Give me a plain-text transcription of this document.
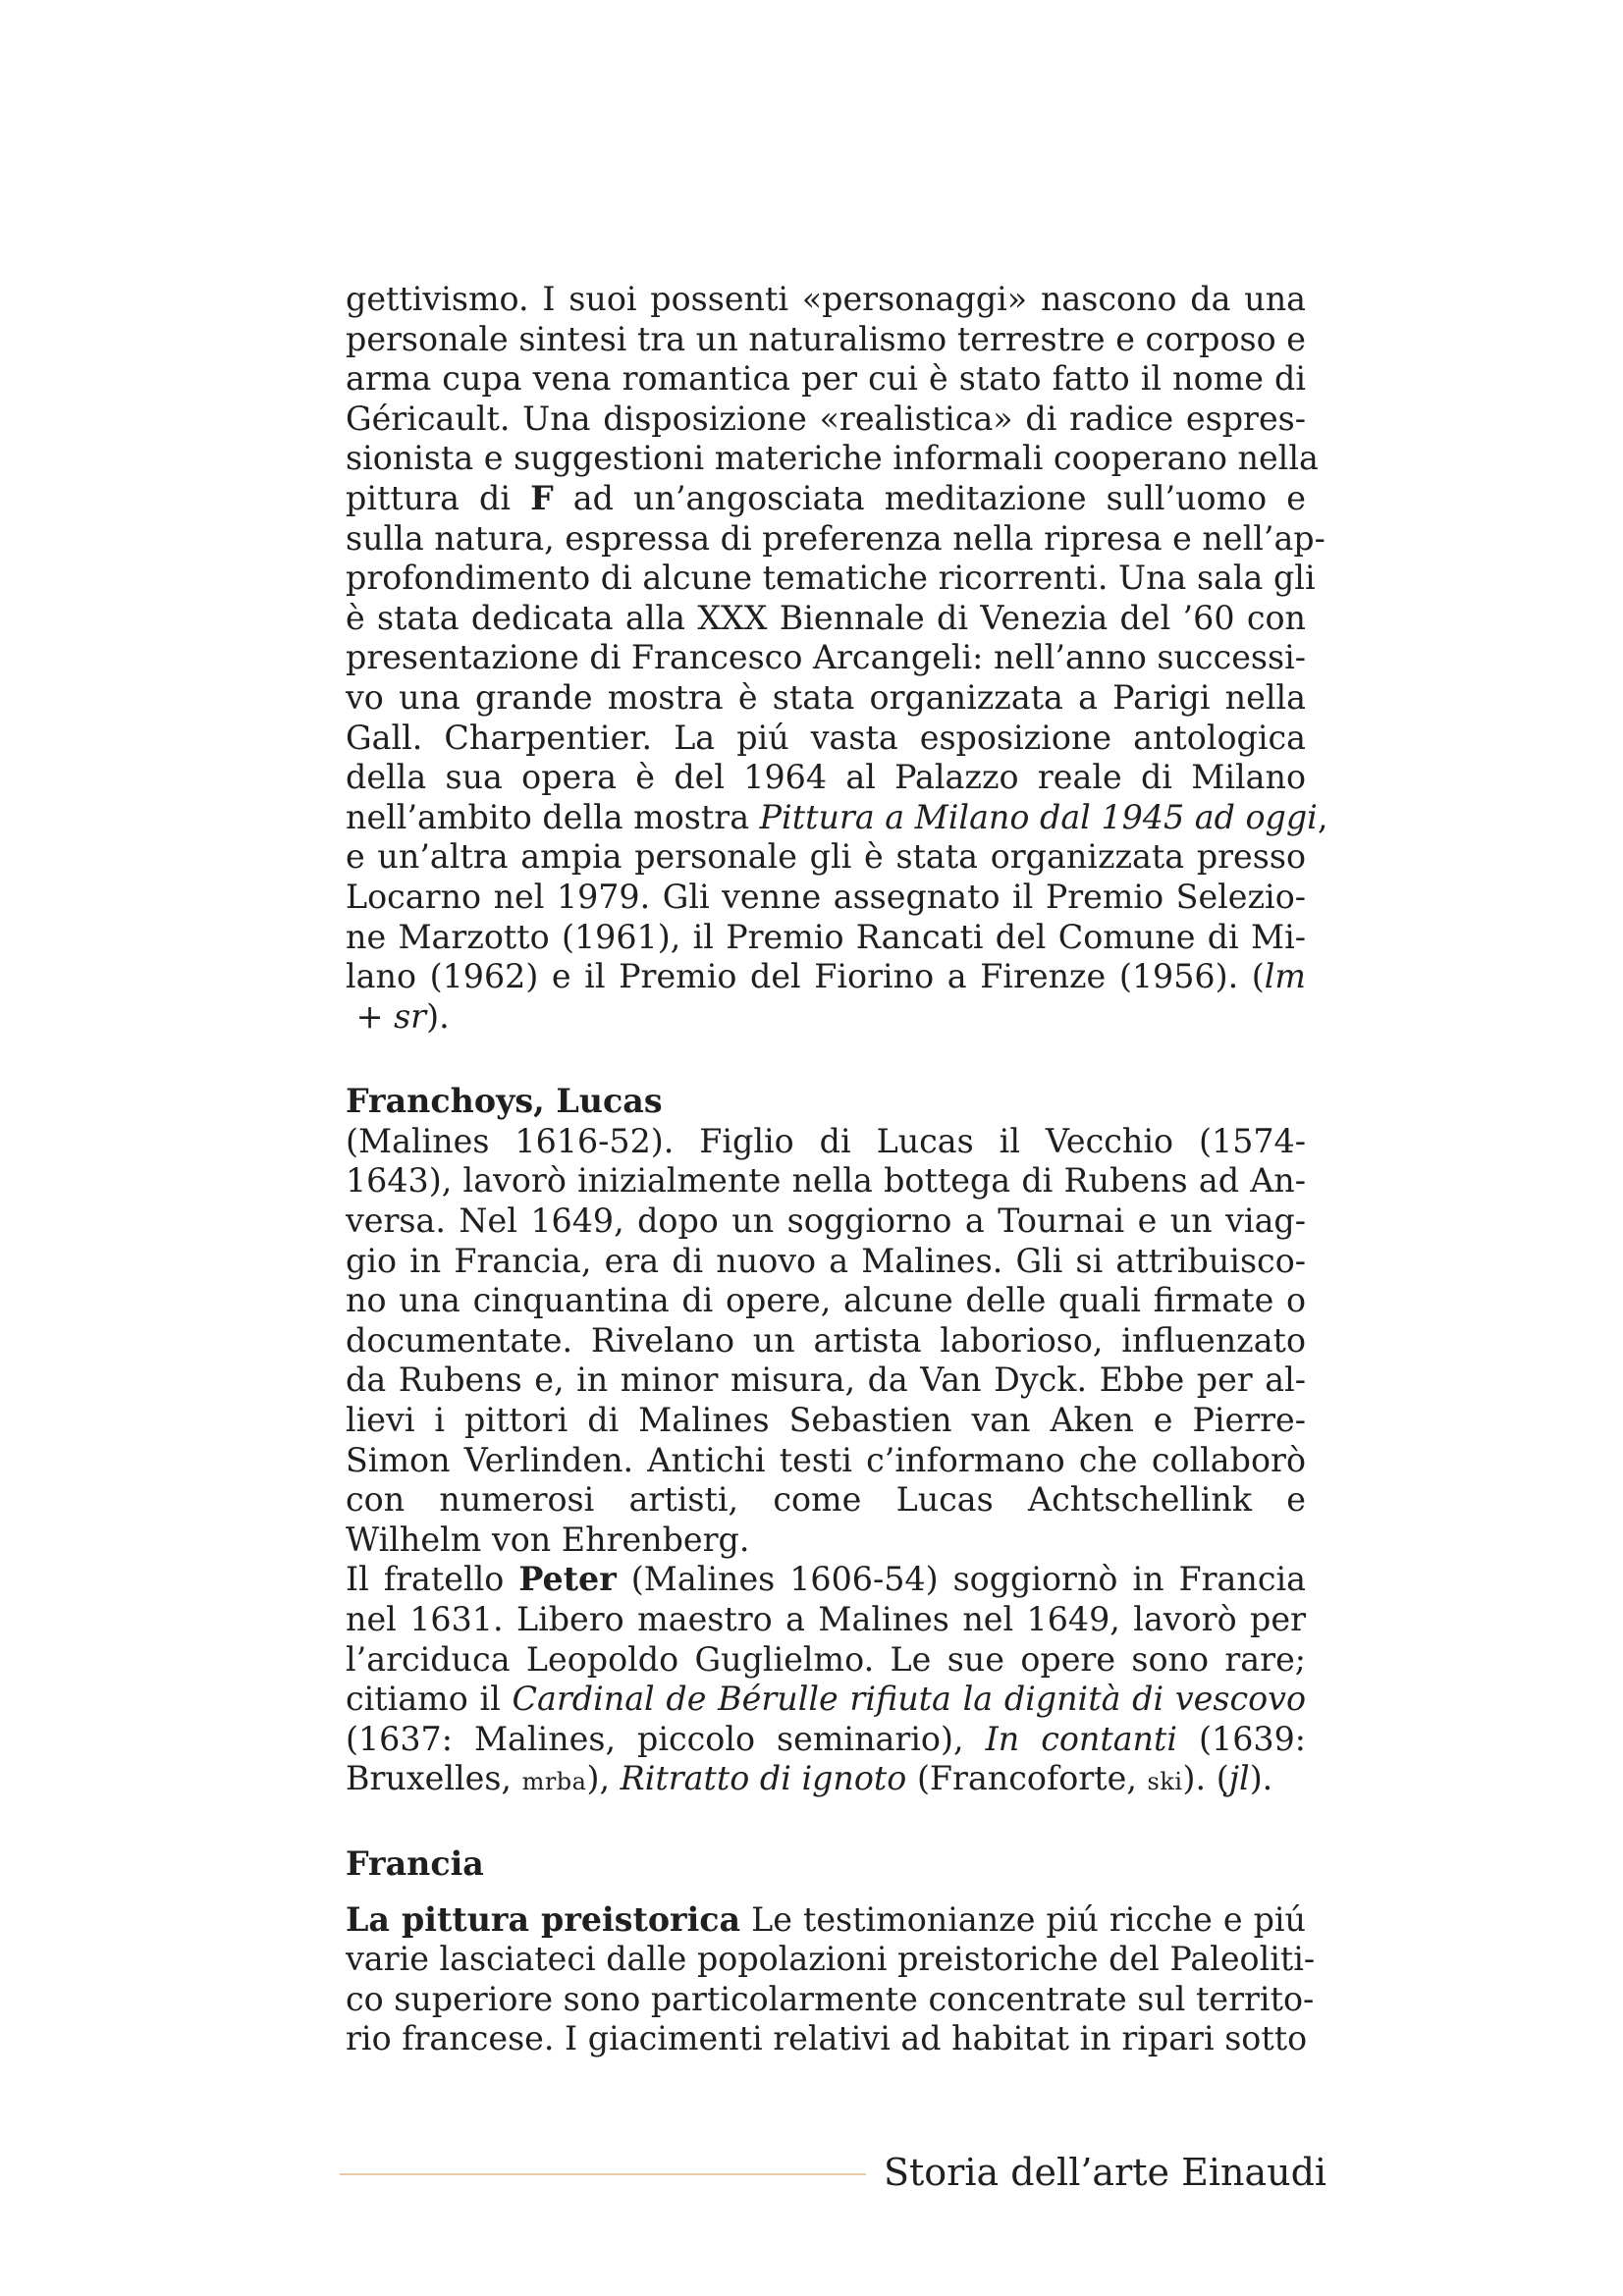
gettivismo. I suoi possenti «personaggi» nascono da una
personale sintesi tra un naturalismo terrestre e corposo e
arma cupa vena romantica per cui è stato fatto il nome di
Géricault. Una disposizione «realistica» di radice espres-
sionista e suggestioni materiche informali cooperano nella
pittura di F ad un’angosciata meditazione sull’uomo e
sulla natura, espressa di preferenza nella ripresa e nell’ap-
profondimento di alcune tematiche ricorrenti. Una sala gli
è stata dedicata alla XXX Biennale di Venezia del ’60 con
presentazione di Francesco Arcangeli: nell’anno successi-
vo una grande mostra è stata organizzata a Parigi nella
Gall. Charpentier. La piú vasta esposizione antologica
della sua opera è del 1964 al Palazzo reale di Milano
nell’ambito della mostra Pittura a Milano dal 1945 ad oggi,
e un’altra ampia personale gli è stata organizzata presso
Locarno nel 1979. Gli venne assegnato il Premio Selezio-
ne Marzotto (1961), il Premio Rancati del Comune di Mi-
lano (1962) e il Premio del Fiorino a Firenze (1956). (lm
+ sr).
Franchoys, Lucas
(Malines 1616-52). Figlio di Lucas il Vecchio (1574-
1643), lavorò inizialmente nella bottega di Rubens ad An-
versa. Nel 1649, dopo un soggiorno a Tournai e un viag-
gio in Francia, era di nuovo a Malines. Gli si attribuisco-
no una cinquantina di opere, alcune delle quali firmate o
documentate. Rivelano un artista laborioso, influenzato
da Rubens e, in minor misura, da Van Dyck. Ebbe per al-
lievi i pittori di Malines Sebastien van Aken e Pierre-
Simon Verlinden. Antichi testi c’informano che collaborò
con numerosi artisti, come Lucas Achtschellink e
Wilhelm von Ehrenberg.
Il fratello Peter (Malines 1606-54) soggiornò in Francia
nel 1631. Libero maestro a Malines nel 1649, lavorò per
l’arciduca Leopoldo Guglielmo. Le sue opere sono rare;
citiamo il Cardinal de Bérulle rifiuta la dignità di vescovo
(1637: Malines, piccolo seminario), In contanti (1639:
Bruxelles, mrba), Ritratto di ignoto (Francoforte, ski). (jl).
Francia
La pittura preistorica Le testimonianze piú ricche e piú
varie lasciateci dalle popolazioni preistoriche del Paleoliti-
co superiore sono particolarmente concentrate sul territo-
rio francese. I giacimenti relativi ad habitat in ripari sotto
Storia dell’arte Einaudi
